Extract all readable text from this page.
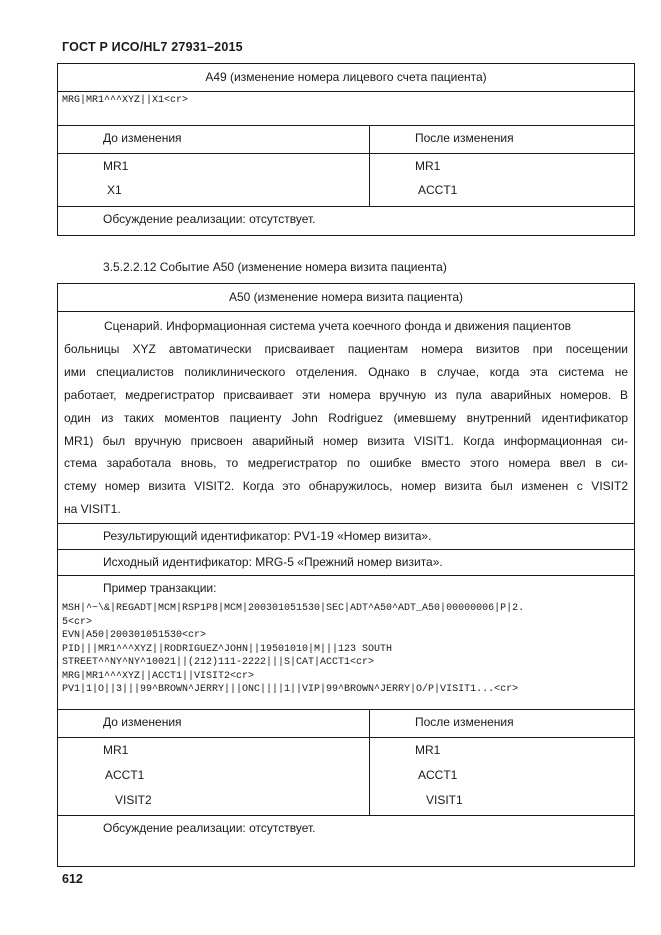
ГОСТ Р ИСО/HL7 27931–2015
A49 (изменение номера лицевого счета пациента)
MRG|MR1^^^XYZ||X1<cr>
До изменения	После изменения
MR1
X1
MR1
ACCT1
Обсуждение реализации: отсутствует.
3.5.2.2.12 Событие A50 (изменение номера визита пациента)
A50 (изменение номера визита пациента)
Сценарий. Информационная система учета коечного фонда и движения пациентов
больницы XYZ автоматически присваивает пациентам номера визитов при посещении
ими специалистов поликлинического отделения. Однако в случае, когда эта система не
работает, медрегистратор присваивает эти номера вручную из пула аварийных номеров. В
один из таких моментов пациенту John Rodriguez (имевшему внутренний идентификатор
MR1) был вручную присвоен аварийный номер визита VISIT1. Когда информационная си-
стема заработала вновь, то медрегистратор по ошибке вместо этого номера ввел в си-
стему номер визита VISIT2. Когда это обнаружилось, номер визита был изменен с VISIT2
на VISIT1.
Результирующий идентификатор: PV1-19 «Номер визита».
Исходный идентификатор: MRG-5 «Прежний номер визита».
Пример транзакции:
MSH|^~\&|REGADT|MCM|RSP1P8|MCM|200301051530|SEC|ADT^A50^ADT_A50|00000006|P|2.
5<cr>
EVN|A50|200301051530<cr>
PID|||MR1^^^XYZ||RODRIGUEZ^JOHN||19501010|M|||123 SOUTH
STREET^^NY^NY^10021||(212)111-2222|||S|CAT|ACCT1<cr>
MRG|MR1^^^XYZ||ACCT1||VISIT2<cr>
PV1|1|O||3|||99^BROWN^JERRY|||ONC||||1||VIP|99^BROWN^JERRY|O/P|VISIT1...<cr>
До изменения	После изменения
MR1
ACCT1
VISIT2
MR1
ACCT1
VISIT1
Обсуждение реализации: отсутствует.
612
